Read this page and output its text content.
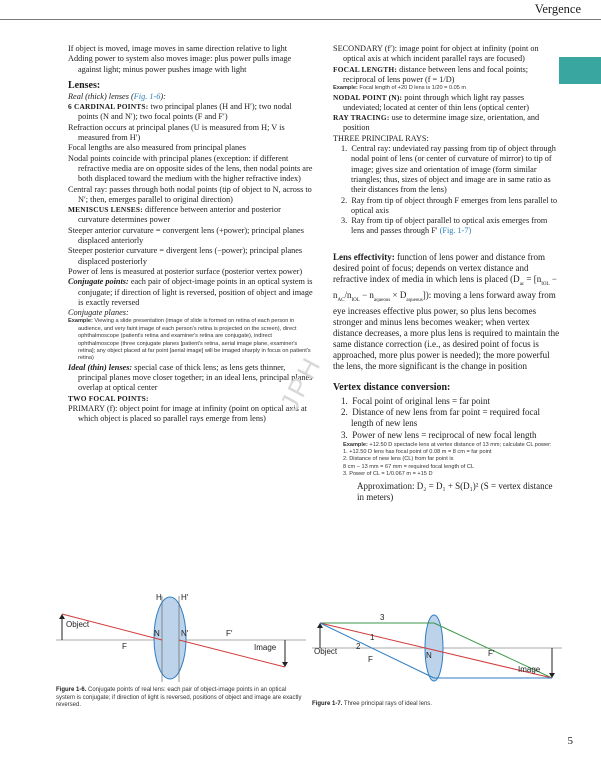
Vergence

If object is moved, image moves in same direction relative to light

Adding power to system also moves image: plus power pulls image against light; minus power pushes image with light

Lenses:

Real (thick) lenses (Fig. 1-6):

6 CARDINAL POINTS: two principal planes (H and H′); two nodal points (N and N′); two focal points (F and F′)

Refraction occurs at principal planes (U is measured from H; V is measured from H′)

Focal lengths are also measured from principal planes

Nodal points coincide with principal planes (exception: if different refractive media are on opposite sides of the lens, then nodal points are both displaced toward the medium with the higher refractive index)

Central ray: passes through both nodal points (tip of object to N, across to N′; then, emerges parallel to original direction)

MENISCUS LENSES: difference between anterior and posterior curvature determines power

Steeper anterior curvature = convergent lens (+power); principal planes displaced anteriorly

Steeper posterior curvature = divergent lens (−power); principal planes displaced posteriorly

Power of lens is measured at posterior surface (posterior vertex power)

Conjugate points: each pair of object-image points in an optical system is conjugate; if direction of light is reversed, position of object and image is exactly reversed

Conjugate planes:

Example: Viewing a slide presentation (image of slide is formed on retina of each person in audience, and very faint image of each person's retina is projected on the screen), direct ophthalmoscope (patient's retina and examiner's retina are conjugate), indirect ophthalmoscope (three conjugate planes [patient's retina, aerial image plane, examiner's retina]; any object placed at far point [aerial image] will be imaged sharply in focus on patient's retina)

Ideal (thin) lenses: special case of thick lens; as lens gets thinner, principal planes move closer together; in an ideal lens, principal planes overlap at optical center

TWO FOCAL POINTS:

PRIMARY (f): object point for image at infinity (point on optical axis at which object is placed so parallel rays emerge from lens)

SECONDARY (f′): image point for object at infinity (point on optical axis at which incident parallel rays are focused)

FOCAL LENGTH: distance between lens and focal points; reciprocal of lens power (f = 1/D)

Example: Focal length of +20 D lens is 1/20 = 0.05 m

NODAL POINT (N): point through which light ray passes undeviated; located at center of thin lens (optical center)

RAY TRACING: use to determine image size, orientation, and position

THREE PRINCIPAL RAYS:

1.  Central ray: undeviated ray passing from tip of object through nodal point of lens (or center of curvature of mirror) to tip of image; gives size and orientation of image (form similar triangles; thus, sizes of object and image are in same ratio as their distances from the lens)

2.  Ray from tip of object through F emerges from lens parallel to optical axis

3.  Ray from tip of object parallel to optical axis emerges from lens and passes through F′ (Fig. 1-7)

Lens effectivity: function of lens power and distance from desired point of focus; depends on vertex distance and refractive index of media in which lens is placed $(D_{ac} = [n_{IOL} - n_{AC}/n_{IOL} - n_{aqueous} \times D_{aqueous}])$: moving a lens forward away from eye increases effective plus power, so plus lens becomes stronger and minus lens becomes weaker; when vertex distance decreases, a more plus lens is required to maintain the same distance correction (i.e., as desired point of focus is approached, more plus power is needed); the more powerful the lens, the more significant is the change in position

Vertex distance conversion:

1.  Focal point of original lens = far point

2.  Distance of new lens from far point = required focal length of new lens

3.  Power of new lens = reciprocal of new focal length

Example: +12.50 D spectacle lens at vertex distance of 13 mm; calculate CL power:

1. +12.50 D lens has focal point of 0.08 m = 8 cm = far point

2. Distance of new lens (CL) from far point is

8 cm − 13 mm = 67 mm = required focal length of CL

3. Power of CL = 1/0.067 m = +15 D

Approximation: D₂ = D₁ + S(D₁)² (S = vertex distance in meters)

JPH
H H′
N	N′
F
F′
Object
Image
Figure 1-6. Conjugate points of real lens: each pair of object-image points in an optical system is conjugate; if direction of light is reversed, positions of object and image are exactly reversed.
3
1
2
N
F
F′
Object
Image
Figure 1-7. Three principal rays of ideal lens.
5
